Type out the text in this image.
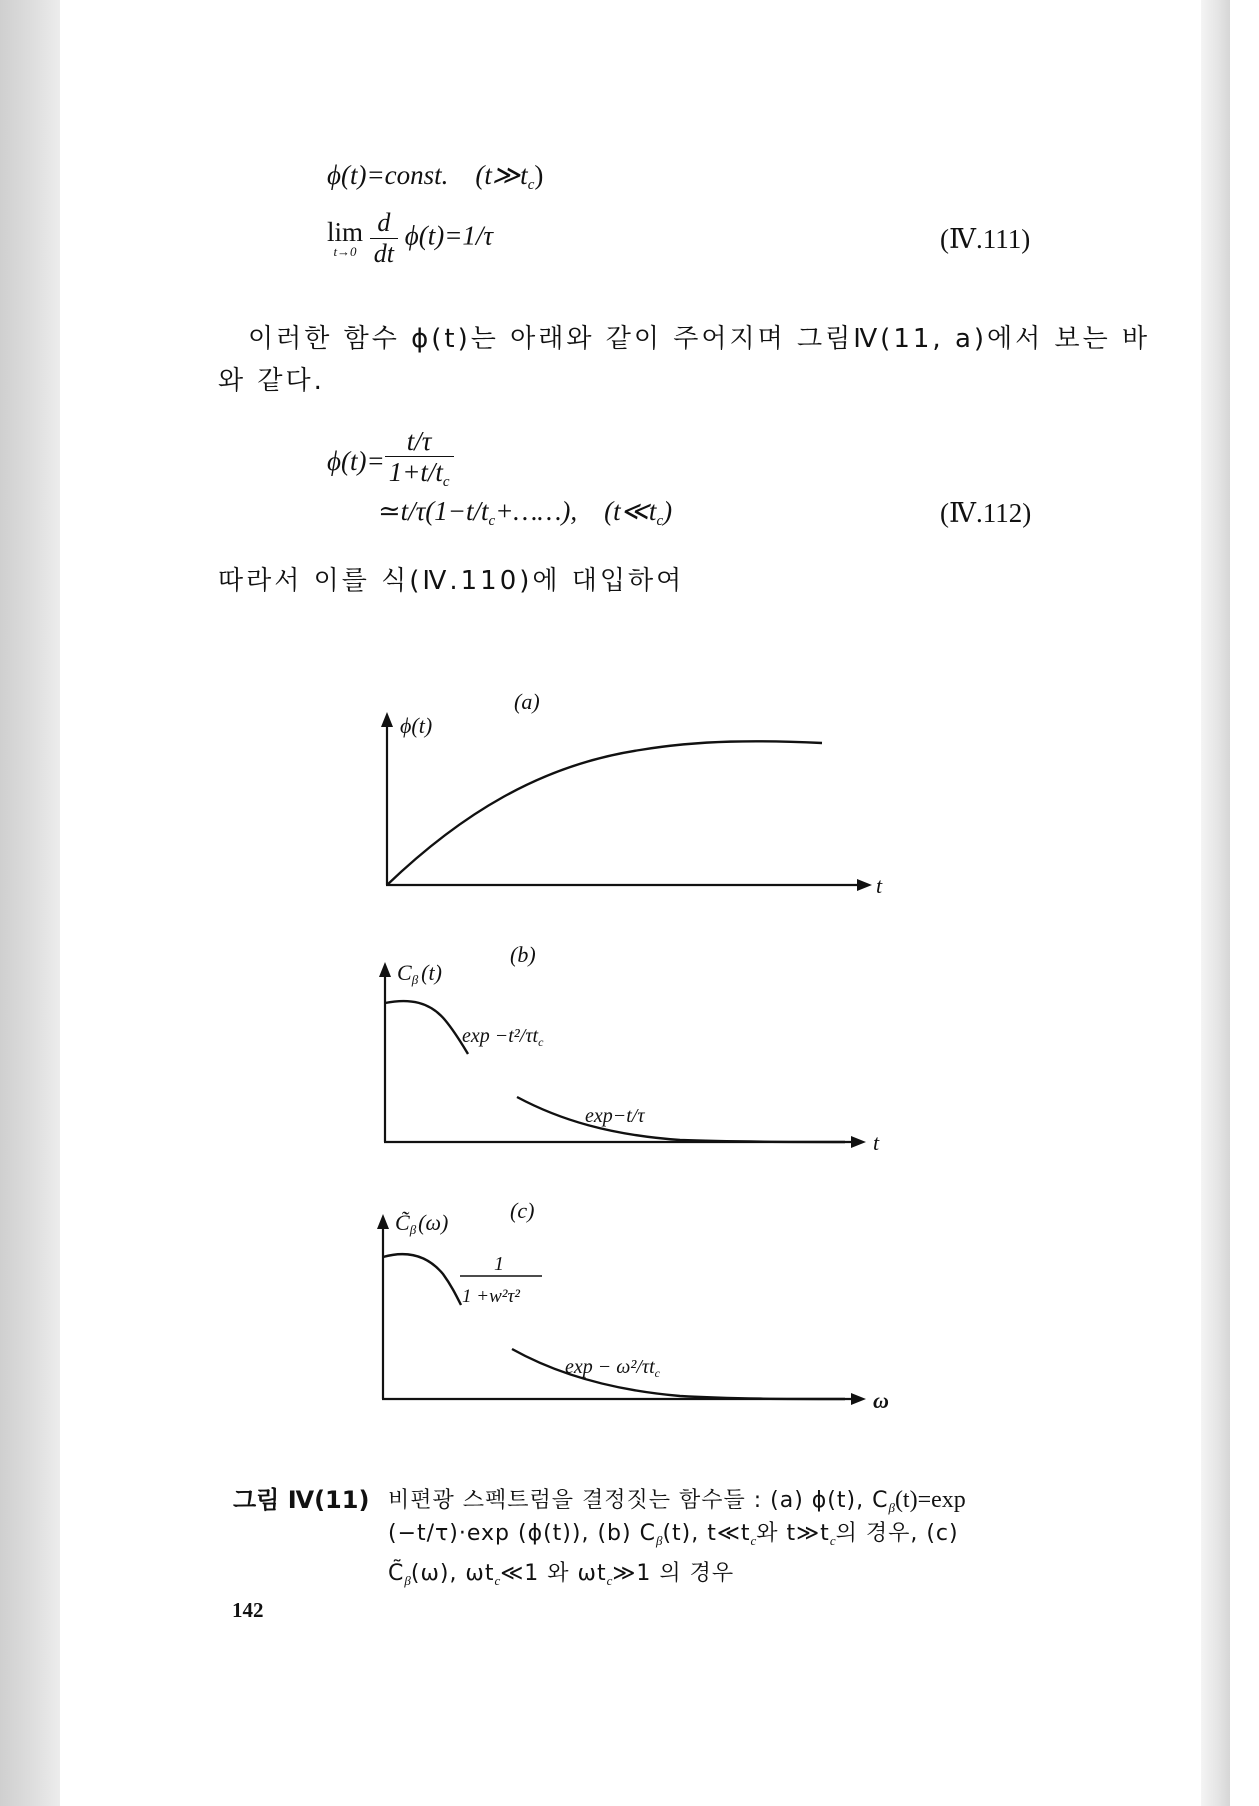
ϕ(t)=const. $(t≫t_c)$
lim
t→0
$\frac{d}{dt} \phi(t)=1/\tau$	(Ⅳ.111)
이러한 함수 ϕ(t)는 아래와 같이 주어지며 그림Ⅳ(11, a)에서 보는 바
와 같다.
$\phi(t)= \frac{t/\tau}{1+t/t_c}$
$≃t/\tau(1-t/t_c+\dots\dots)$, $(t≪t_c)$	(Ⅳ.112)
따라서 이를 식(Ⅳ.110)에 대입하여
(a)
ϕ(t)
t
(b)
Cβ (t)
t
$\exp -t^2/\tau t_c$
exp−t/τ
(c)
C̃β(ω)
ω
1
1 +w²τ²
$\exp - \omega^2/\tau t_c$
그림 Ⅳ(11) 비편광 스펙트럼을 결정짓는 함수들 : (a) ϕ(t), $C_\beta(t)=\exp$
(−t/τ)·exp (ϕ(t)), (b) $C_\beta(t)$, $t≪t_c$와 $t≫t_c$의 경우, (c)
$C̃_\beta(\omega)$, $\omega t_c≪1$ 와 $\omega t_c≫1$ 의 경우
142
